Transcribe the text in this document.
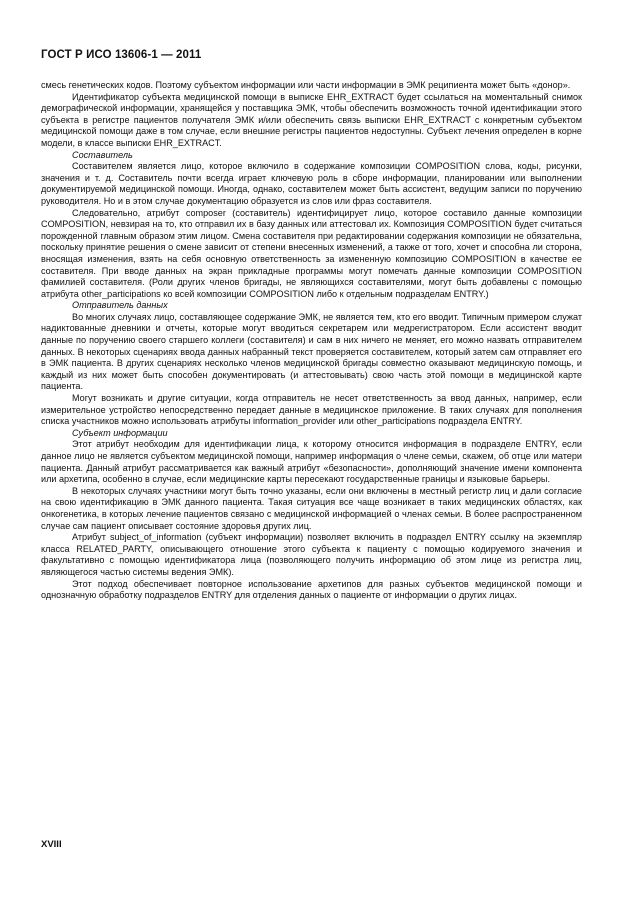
ГОСТ Р ИСО 13606-1 — 2011

смесь генетических кодов. Поэтому субъектом информации или части информации в ЭМК реципиента может быть «донор».

Идентификатор субъекта медицинской помощи в выписке EHR_EXTRACT будет ссылаться на моментальный снимок демографической информации, хранящейся у поставщика ЭМК, чтобы обеспечить возможность точной идентификации этого субъекта в регистре пациентов получателя ЭМК и/или обеспечить связь выписки EHR_EXTRACT с конкретным субъектом медицинской помощи даже в том случае, если внешние регистры пациентов недоступны. Субъект лечения определен в корне модели, в классе выписки EHR_EXTRACT.

Составитель

Составителем является лицо, которое включило в содержание композиции COMPOSITION слова, коды, рисунки, значения и т. д. Составитель почти всегда играет ключевую роль в сборе информации, планировании или выполнении документируемой медицинской помощи. Иногда, однако, составителем может быть ассистент, ведущим записи по поручению руководителя. Но и в этом случае документацию образуется из слов или фраз составителя.

Следовательно, атрибут composer (составитель) идентифицирует лицо, которое составило данные композиции COMPOSITION, невзирая на то, кто отправил их в базу данных или аттестовал их. Композиция COMPOSITION будет считаться порожденной главным образом этим лицом. Смена составителя при редактировании содержания композиции не обязательна, поскольку принятие решения о смене зависит от степени внесенных изменений, а также от того, хочет и способна ли сторона, вносящая изменения, взять на себя основную ответственность за измененную композицию COMPOSITION в качестве ее составителя. При вводе данных на экран прикладные программы могут помечать данные композиции COMPOSITION фамилией составителя. (Роли других членов бригады, не являющихся составителями, могут быть добавлены с помощью атрибута other_participations ко всей композиции COMPOSITION либо к отдельным подразделам ENTRY.)

Отправитель данных

Во многих случаях лицо, составляющее содержание ЭМК, не является тем, кто его вводит. Типичным примером служат надиктованные дневники и отчеты, которые могут вводиться секретарем или медрегистратором. Если ассистент вводит данные по поручению своего старшего коллеги (составителя) и сам в них ничего не меняет, его можно назвать отправителем данных. В некоторых сценариях ввода данных набранный текст проверяется составителем, который затем сам отправляет его в ЭМК пациента. В других сценариях несколько членов медицинской бригады совместно оказывают медицинскую помощь, и каждый из них может быть способен документировать (и аттестовывать) свою часть этой помощи в медицинской карте пациента.

Могут возникать и другие ситуации, когда отправитель не несет ответственность за ввод данных, например, если измерительное устройство непосредственно передает данные в медицинское приложение. В таких случаях для пополнения списка участников можно использовать атрибуты information_provider или other_participations подраздела ENTRY.

Субъект информации

Этот атрибут необходим для идентификации лица, к которому относится информация в подразделе ENTRY, если данное лицо не является субъектом медицинской помощи, например информация о члене семьи, скажем, об отце или матери пациента. Данный атрибут рассматривается как важный атрибут «безопасности», дополняющий значение имени компонента или архетипа, особенно в случае, если медицинские карты пересекают государственные границы и языковые барьеры.

В некоторых случаях участники могут быть точно указаны, если они включены в местный регистр лиц и дали согласие на свою идентификацию в ЭМК данного пациента. Такая ситуация все чаще возникает в таких медицинских областях, как онкогенетика, в которых лечение пациентов связано с медицинской информацией о членах семьи. В более распространенном случае сам пациент описывает состояние здоровья других лиц.

Атрибут subject_of_information (субъект информации) позволяет включить в подраздел ENTRY ссылку на экземпляр класса RELATED_PARTY, описывающего отношение этого субъекта к пациенту с помощью кодируемого значения и факультативно с помощью идентификатора лица (позволяющего получить информацию об этом лице из регистра лиц, являющегося частью системы ведения ЭМК).

Этот подход обеспечивает повторное использование архетипов для разных субъектов медицинской помощи и однозначную обработку подразделов ENTRY для отделения данных о пациенте от информации о других лицах.

XVIII
